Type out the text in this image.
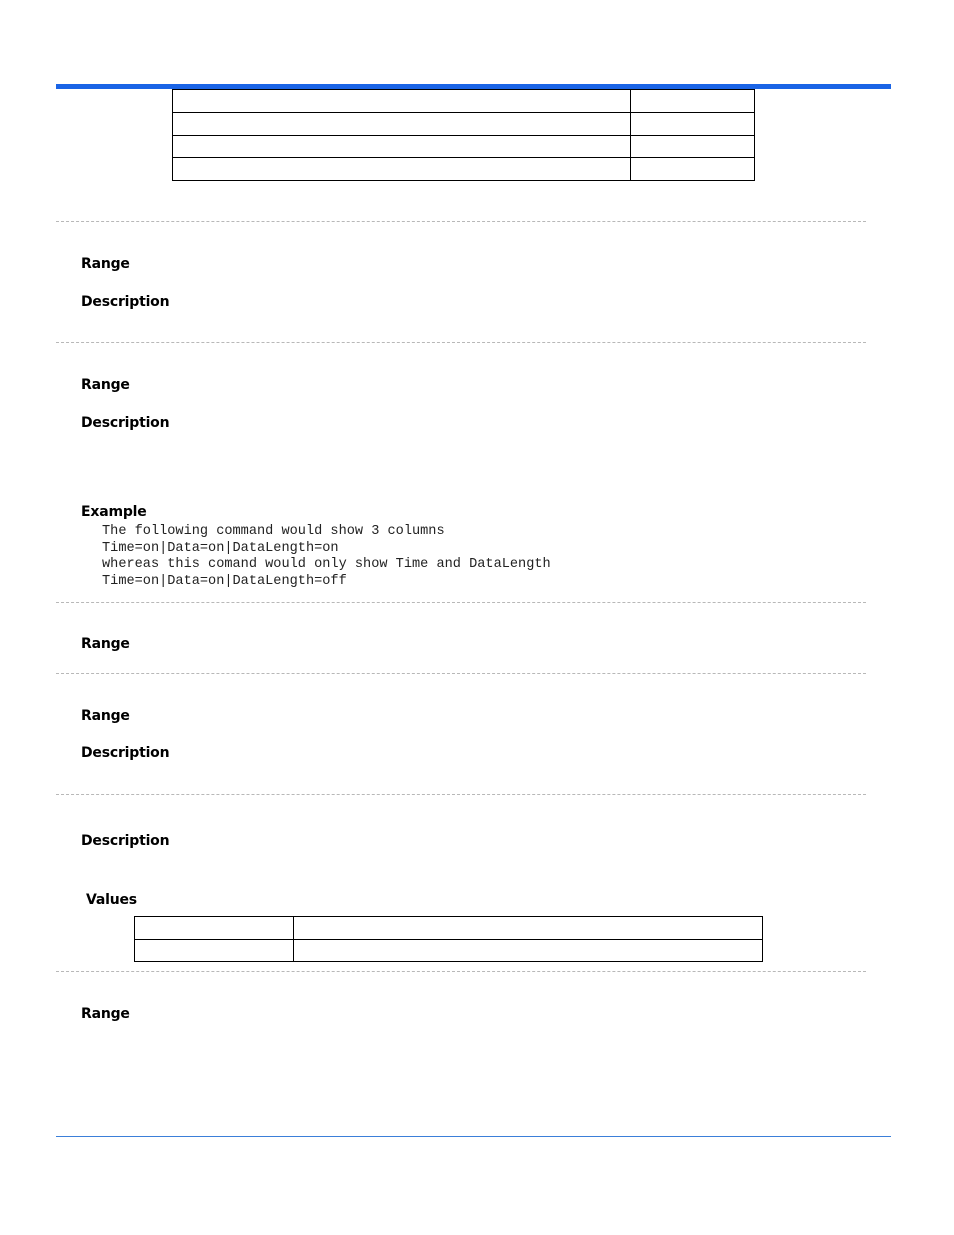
Range
Description
Range
Description
Example
The following command would show 3 columns
Time=on|Data=on|DataLength=on
whereas this comand would only show Time and DataLength
Time=on|Data=on|DataLength=off
Range
Range
Description
Description
Values

Range
